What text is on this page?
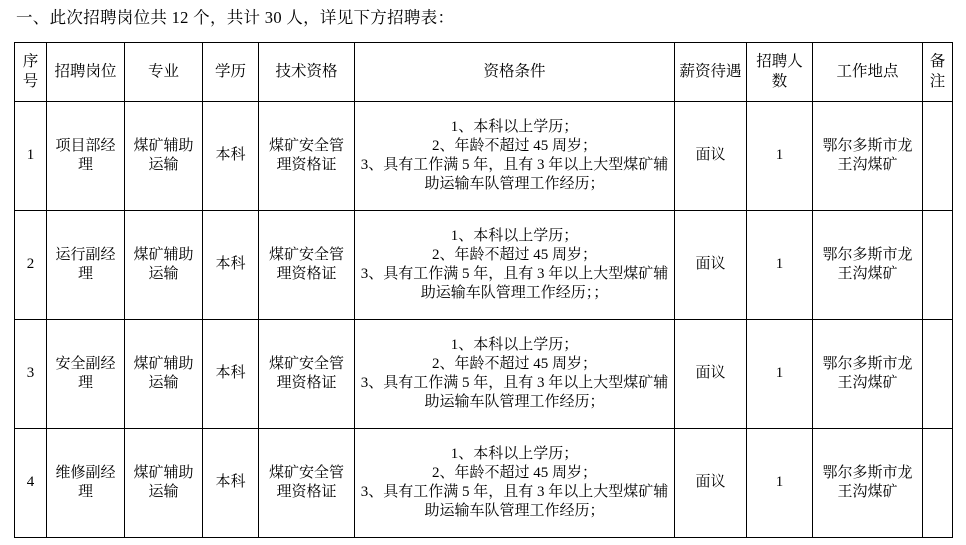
一、此次招聘岗位共 12 个，共计 30 人，详见下方招聘表：
序号	招聘岗位	专业	学历	技术资格	资格条件	薪资待遇	招聘人数	工作地点	备注
1	项目部经理	煤矿辅助运输	本科	煤矿安全管理资格证	1、本科以上学历；
2、年龄不超过 45 周岁；
3、具有工作满 5 年，且有 3 年以上大型煤矿辅助运输车队管理工作经历；	面议	1	鄂尔多斯市龙王沟煤矿	
2	运行副经理	煤矿辅助运输	本科	煤矿安全管理资格证	1、本科以上学历；
2、年龄不超过 45 周岁；
3、具有工作满 5 年，且有 3 年以上大型煤矿辅助运输车队管理工作经历；；	面议	1	鄂尔多斯市龙王沟煤矿	
3	安全副经理	煤矿辅助运输	本科	煤矿安全管理资格证	1、本科以上学历；
2、年龄不超过 45 周岁；
3、具有工作满 5 年，且有 3 年以上大型煤矿辅助运输车队管理工作经历；	面议	1	鄂尔多斯市龙王沟煤矿	
4	维修副经理	煤矿辅助运输	本科	煤矿安全管理资格证	1、本科以上学历；
2、年龄不超过 45 周岁；
3、具有工作满 5 年，且有 3 年以上大型煤矿辅助运输车队管理工作经历；	面议	1	鄂尔多斯市龙王沟煤矿	
